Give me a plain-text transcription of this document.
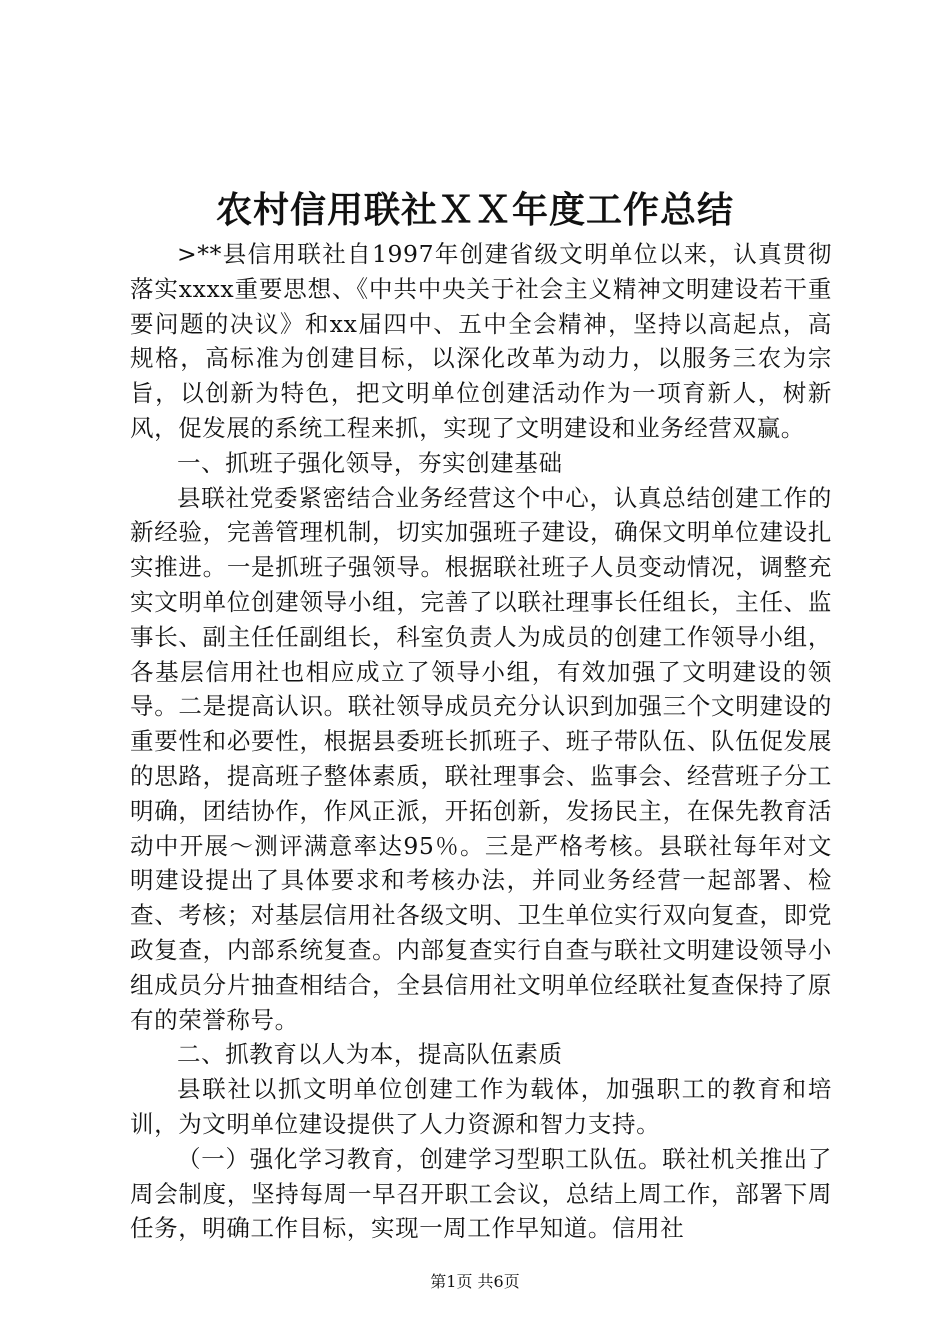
农村信用联社ＸＸ年度工作总结

>**县信用联社自1997年创建省级文明单位以来，认真贯彻落实xxxx重要思想、《中共中央关于社会主义精神文明建设若干重要问题的决议》和xx届四中、五中全会精神，坚持以高起点，高规格，高标准为创建目标，以深化改革为动力，以服务三农为宗旨，以创新为特色，把文明单位创建活动作为一项育新人，树新风，促发展的系统工程来抓，实现了文明建设和业务经营双赢。

一、抓班子强化领导，夯实创建基础

县联社党委紧密结合业务经营这个中心，认真总结创建工作的新经验，完善管理机制，切实加强班子建设，确保文明单位建设扎实推进。一是抓班子强领导。根据联社班子人员变动情况，调整充实文明单位创建领导小组，完善了以联社理事长任组长，主任、监事长、副主任任副组长，科室负责人为成员的创建工作领导小组，各基层信用社也相应成立了领导小组，有效加强了文明建设的领导。二是提高认识。联社领导成员充分认识到加强三个文明建设的重要性和必要性，根据县委班长抓班子、班子带队伍、队伍促发展的思路，提高班子整体素质，联社理事会、监事会、经营班子分工明确，团结协作，作风正派，开拓创新，发扬民主，在保先教育活动中开展～测评满意率达95％。三是严格考核。县联社每年对文明建设提出了具体要求和考核办法，并同业务经营一起部署、检查、考核；对基层信用社各级文明、卫生单位实行双向复查，即党政复查，内部系统复查。内部复查实行自查与联社文明建设领导小组成员分片抽查相结合，全县信用社文明单位经联社复查保持了原有的荣誉称号。

二、抓教育以人为本，提高队伍素质

县联社以抓文明单位创建工作为载体，加强职工的教育和培训，为文明单位建设提供了人力资源和智力支持。

（一）强化学习教育，创建学习型职工队伍。联社机关推出了周会制度，坚持每周一早召开职工会议，总结上周工作，部署下周任务，明确工作目标，实现一周工作早知道。信用社

第1页 共6页
